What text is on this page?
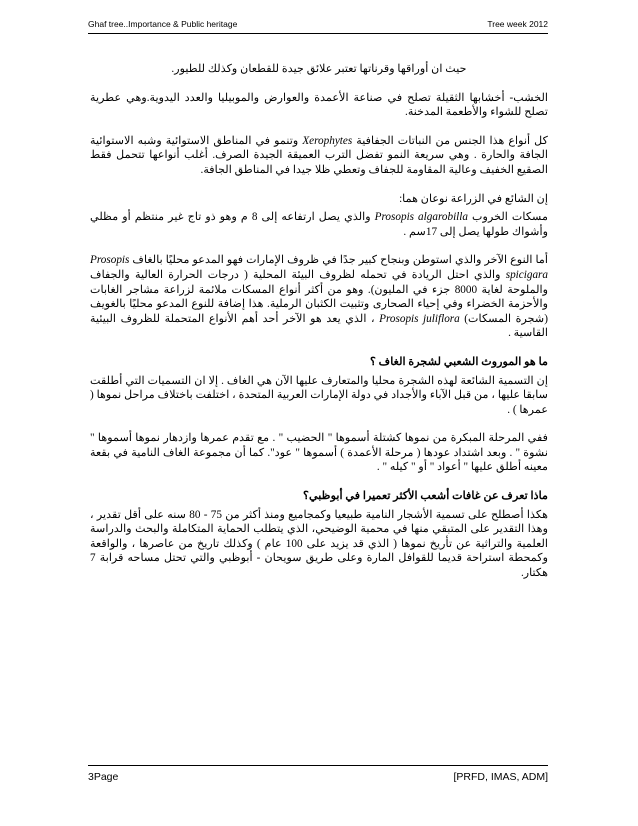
Ghaf tree..Importance & Public heritage	Tree week 2012

حيث ان أوراقها وقرناتها تعتبر علائق جيدة للقطعان وكذلك للطيور.

الخشب- أخشابها الثقيلة تصلح في صناعة الأعمدة والعوارض والموبيليا والعدد اليدوية.وهي عطرية تصلح للشواء والأطعمة المدخنة.

كل أنواع هذا الجنس من النباتات الجفافية Xerophytes وتنمو في المناطق الاستوائية وشبه الاستوائية الجافة والحارة . وهي سريعة النمو تفضل الترب العميقة الجيدة الصرف. أغلب أنواعها تتحمل فقط الصقيع الخفيف وعالية المقاومة للجفاف وتعطي ظلا جيدا في المناطق الجافة.

إن الشائع في الزراعة نوعان هما:

مسكات الخروب Prosopis algarobilla والذي يصل ارتفاعه إلى 8 م وهو ذو تاج غير منتظم أو مظلي وأشواك طولها يصل إلى 17سم .

أما النوع الآخر والذي استوطن وبنجاح كبير جدًا في ظروف الإمارات فهو المدعو محليًا بالغاف Prosopis spicigara والذي احتل الريادة في تحمله لظروف البيئة المحلية ( درجات الحرارة العالية والجفاف والملوحة لغاية 8000 جزء في المليون). وهو من أكثر أنواع المسكات ملائمة لزراعة مشاجر الغابات والأحزمة الخضراء وفي إحياء الصحارى وتثبيت الكثبان الرملية. هذا إضافة للنوع المدعو محليًا بالغويف (شجرة المسكات) Prosopis juliflora ، الذي يعد هو الآخر أحد أهم الأنواع المتحملة للظروف البيئية القاسية .

ما هو الموروث الشعبي لشجرة الغاف ؟

إن التسمية الشائعة لهذه الشجرة محليا والمتعارف عليها الآن هي الغاف . إلا ان التسميات التي أطلقت سابقا عليها ، من قبل الآباء والأجداد في دولة الإمارات العربية المتحدة ، اختلفت باختلاف مراحل نموها ( عمرها ) .

ففي المرحلة المبكرة من نموها كشتلة أسموها " الحضيب " . مع تقدم عمرها وازدهار نموها أسموها " نشوة " . وبعد اشتداد عودها ( مرحلة الأعمدة ) أسموها " عود". كما أن مجموعة الغاف النامية في بقعة معينه أطلق عليها " أعواد " أو " كيله " .

ماذا تعرف عن غافات أشعب الأكثر تعميرا في أبوظبي؟

هكذا أصطلح على تسمية الأشجار النامية طبيعيا وكمجاميع ومنذ أكثر من 75 - 80 سنه على أقل تقدير ، وهذا التقدير على المتبقي منها في محمية الوضيحي، الذي يتطلب الحماية المتكاملة والبحث والدراسة العلمية والتراثية عن تأريخ نموها ( الذي قد يزيد على 100 عام ) وكذلك تاريخ من عاصرها ، والواقعة وكمحطة استراحة قديما للقوافل المارة وعلى طريق سويحان - أبوظبي والتي تحتل مساحه قرابة 7 هكتار.

3Page	[PRFD, IMAS, ADM]
